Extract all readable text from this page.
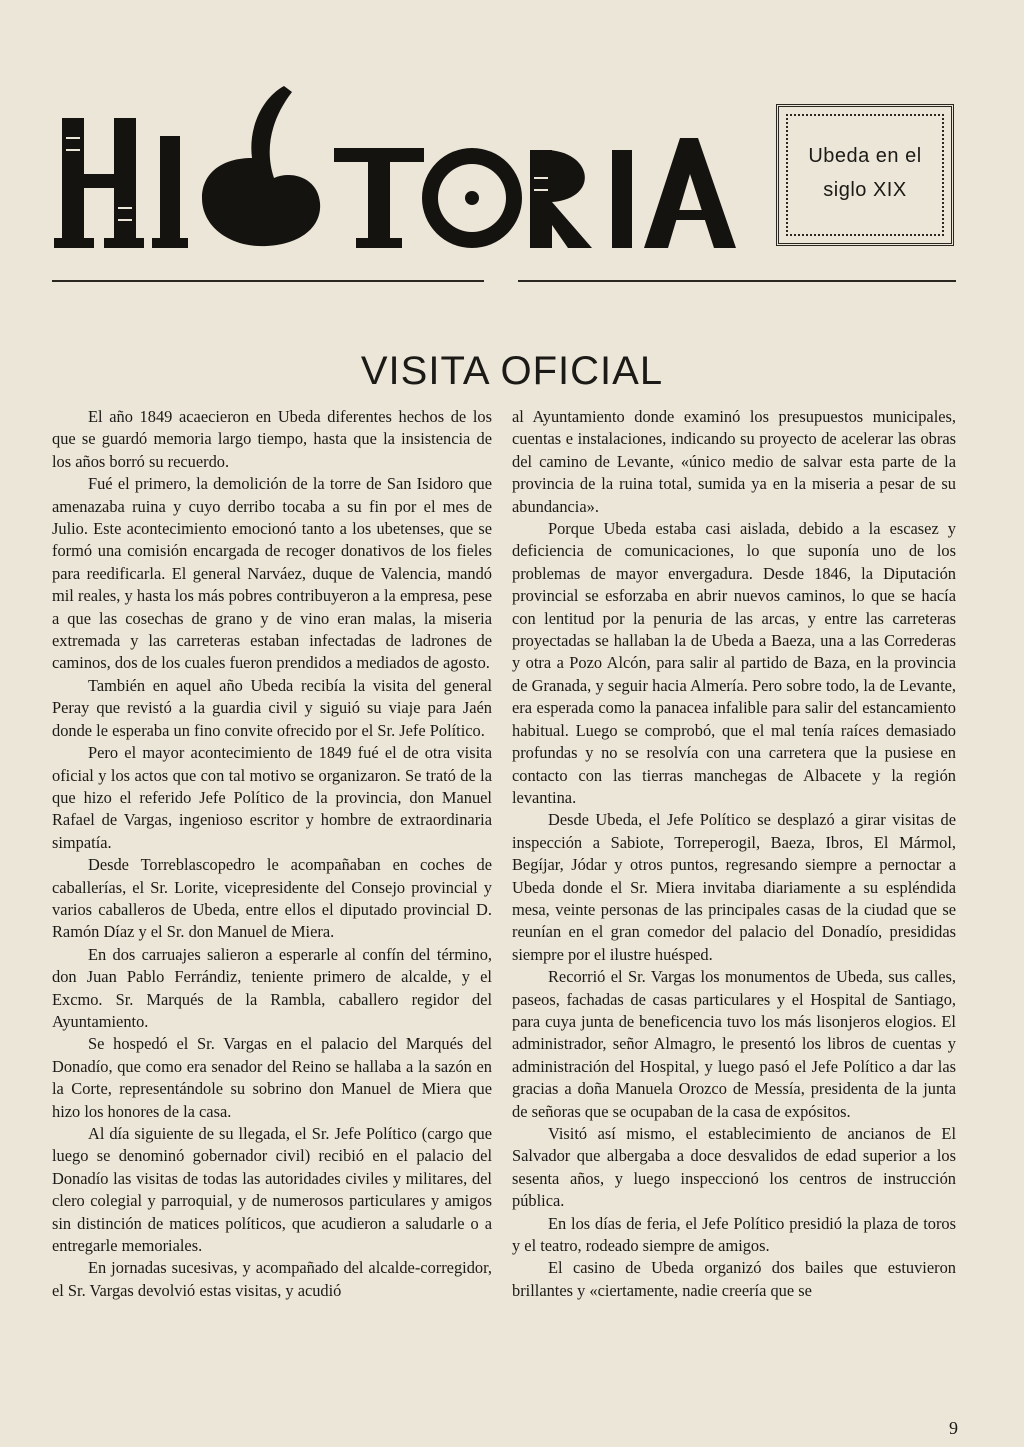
Ubeda en el
siglo XIX
VISITA OFICIAL

El año 1849 acaecieron en Ubeda diferentes hechos de los que se guardó memoria largo tiempo, hasta que la insistencia de los años borró su recuerdo.

Fué el primero, la demolición de la torre de San Isidoro que amenazaba ruina y cuyo derribo tocaba a su fin por el mes de Julio. Este acontecimiento emocionó tanto a los ubetenses, que se formó una comisión encargada de recoger donativos de los fieles para reedificarla. El general Narváez, duque de Valencia, mandó mil reales, y hasta los más pobres contribuyeron a la empresa, pese a que las cosechas de grano y de vino eran malas, la miseria extremada y las carreteras estaban infectadas de ladrones de caminos, dos de los cuales fueron prendidos a mediados de agosto.

También en aquel año Ubeda recibía la visita del general Peray que revistó a la guardia civil y siguió su viaje para Jaén donde le esperaba un fino convite ofrecido por el Sr. Jefe Político.

Pero el mayor acontecimiento de 1849 fué el de otra visita oficial y los actos que con tal motivo se organizaron. Se trató de la que hizo el referido Jefe Político de la provincia, don Manuel Rafael de Vargas, ingenioso escritor y hombre de extraordinaria simpatía.

Desde Torreblascopedro le acompañaban en coches de caballerías, el Sr. Lorite, vicepresidente del Consejo provincial y varios caballeros de Ubeda, entre ellos el diputado provincial D. Ramón Díaz y el Sr. don Manuel de Miera.

En dos carruajes salieron a esperarle al confín del término, don Juan Pablo Ferrándiz, teniente primero de alcalde, y el Excmo. Sr. Marqués de la Rambla, caballero regidor del Ayuntamiento.

Se hospedó el Sr. Vargas en el palacio del Marqués del Donadío, que como era senador del Reino se hallaba a la sazón en la Corte, representándole su sobrino don Manuel de Miera que hizo los honores de la casa.

Al día siguiente de su llegada, el Sr. Jefe Político (cargo que luego se denominó gobernador civil) recibió en el palacio del Donadío las visitas de todas las autoridades civiles y militares, del clero colegial y parroquial, y de numerosos particulares y amigos sin distinción de matices políticos, que acudieron a saludarle o a entregarle memoriales.

En jornadas sucesivas, y acompañado del alcalde-corregidor, el Sr. Vargas devolvió estas visitas, y acudió

al Ayuntamiento donde examinó los presupuestos municipales, cuentas e instalaciones, indicando su proyecto de acelerar las obras del camino de Levante, «único medio de salvar esta parte de la provincia de la ruina total, sumida ya en la miseria a pesar de su abundancia».

Porque Ubeda estaba casi aislada, debido a la escasez y deficiencia de comunicaciones, lo que suponía uno de los problemas de mayor envergadura. Desde 1846, la Diputación provincial se esforzaba en abrir nuevos caminos, lo que se hacía con lentitud por la penuria de las arcas, y entre las carreteras proyectadas se hallaban la de Ubeda a Baeza, una a las Correderas y otra a Pozo Alcón, para salir al partido de Baza, en la provincia de Granada, y seguir hacia Almería. Pero sobre todo, la de Levante, era esperada como la panacea infalible para salir del estancamiento habitual. Luego se comprobó, que el mal tenía raíces demasiado profundas y no se resolvía con una carretera que la pusiese en contacto con las tierras manchegas de Albacete y la región levantina.

Desde Ubeda, el Jefe Político se desplazó a girar visitas de inspección a Sabiote, Torreperogil, Baeza, Ibros, El Mármol, Begíjar, Jódar y otros puntos, regresando siempre a pernoctar a Ubeda donde el Sr. Miera invitaba diariamente a su espléndida mesa, veinte personas de las principales casas de la ciudad que se reunían en el gran comedor del palacio del Donadío, presididas siempre por el ilustre huésped.

Recorrió el Sr. Vargas los monumentos de Ubeda, sus calles, paseos, fachadas de casas particulares y el Hospital de Santiago, para cuya junta de beneficencia tuvo los más lisonjeros elogios. El administrador, señor Almagro, le presentó los libros de cuentas y administración del Hospital, y luego pasó el Jefe Político a dar las gracias a doña Manuela Orozco de Messía, presidenta de la junta de señoras que se ocupaban de la casa de expósitos.

Visitó así mismo, el establecimiento de ancianos de El Salvador que albergaba a doce desvalidos de edad superior a los sesenta años, y luego inspeccionó los centros de instrucción pública.

En los días de feria, el Jefe Político presidió la plaza de toros y el teatro, rodeado siempre de amigos.

El casino de Ubeda organizó dos bailes que estuvieron brillantes y «ciertamente, nadie creería que se

9
